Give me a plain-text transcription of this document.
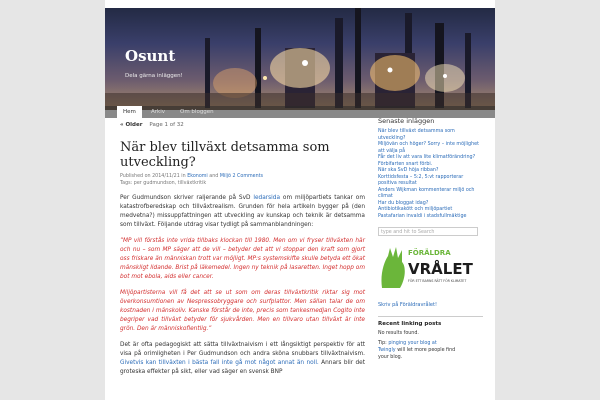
Osunt
Dela gärna inläggen!
Hem	Arkiv	Om bloggen
« Older Page 1 of 32
När blev tillväxt detsamma som utveckling?
Published on 2014/11/21 in Ekonomi and Miljö 2 Comments
Tags: per gudmundson, tillväxtkritik

Per Gudmundson skriver raljerande på SvD ledarsida om miljöpartiets tankar om katastrofberedskap och tillväxtrealism. Grunden för hela artikeln bygger på (den medvetna?) missuppfattningen att utveckling av kunskap och teknik är detsamma som tillväxt. Följande utdrag visar tydligt på sammanblandningen:

”MP vill förstås inte vrida tillbaks klockan till 1980. Men om vi fryser tillväxten här och nu – som MP säger att de vill – betyder det att vi stoppar den kraft som gjort oss friskare än människan trott var möjligt. MP:s systemskifte skulle betyda ett ökat mänskligt lidande. Brist på läkemedel. Ingen ny teknik på lasaretten. Inget hopp om bot mot ebola, aids eller cancer.

Miljöpartisterna vill få det att se ut som om deras tillväxtkritik riktar sig mot överkonsumtionen av Nespressobryggare och surfplattor. Men sällan talar de om kostnaden i mänskoliv. Kanske förstår de inte, precis som tankesmedjan Cogito inte begriper vad tillväxt betyder för sjukvården. Men en tillvaro utan tillväxt är inte grön. Den är människofientlig.”

Det är ofta pedagogiskt att sätta tillväxtnaivism i ett långsiktigt perspektiv för att visa på orimligheten i Per Gudmundson och andra sköna snubbars tillväxtnaivism. Givetvis kan tillväxten i bästa fall inte gå mot något annat än noll. Annars blir det groteska effekter på sikt, eller vad säger en svensk BNP

Senaste inläggen
När blev tillväxt detsamma som
utveckling?
Miljövän och höger? Sorry – inte möjlighet
att välja på
Får det liv att vara lite klimatförändring?
Förbifarten snart förbi.
När ska SvD höja ribban?
Korttidsfesta – 5:2, 5:vt rapporterar
positiva resultat
Anders Wijkman kommenterar miljö och
climat
Har du bloggat idag?
Antibiotikakött och miljöpartiet
Pastafarian invaldi i stadsfullmäktige
type and hit to Search
FÖRÄLDRA
VRÅLET
FÖR ETT BARNS RÄTT FÖR KLIMATET
Skriv på Föräldravrålet!
Recent linking posts
No results found.
Tip: pinging your blog at
Twingly will let more people find
your blog.
